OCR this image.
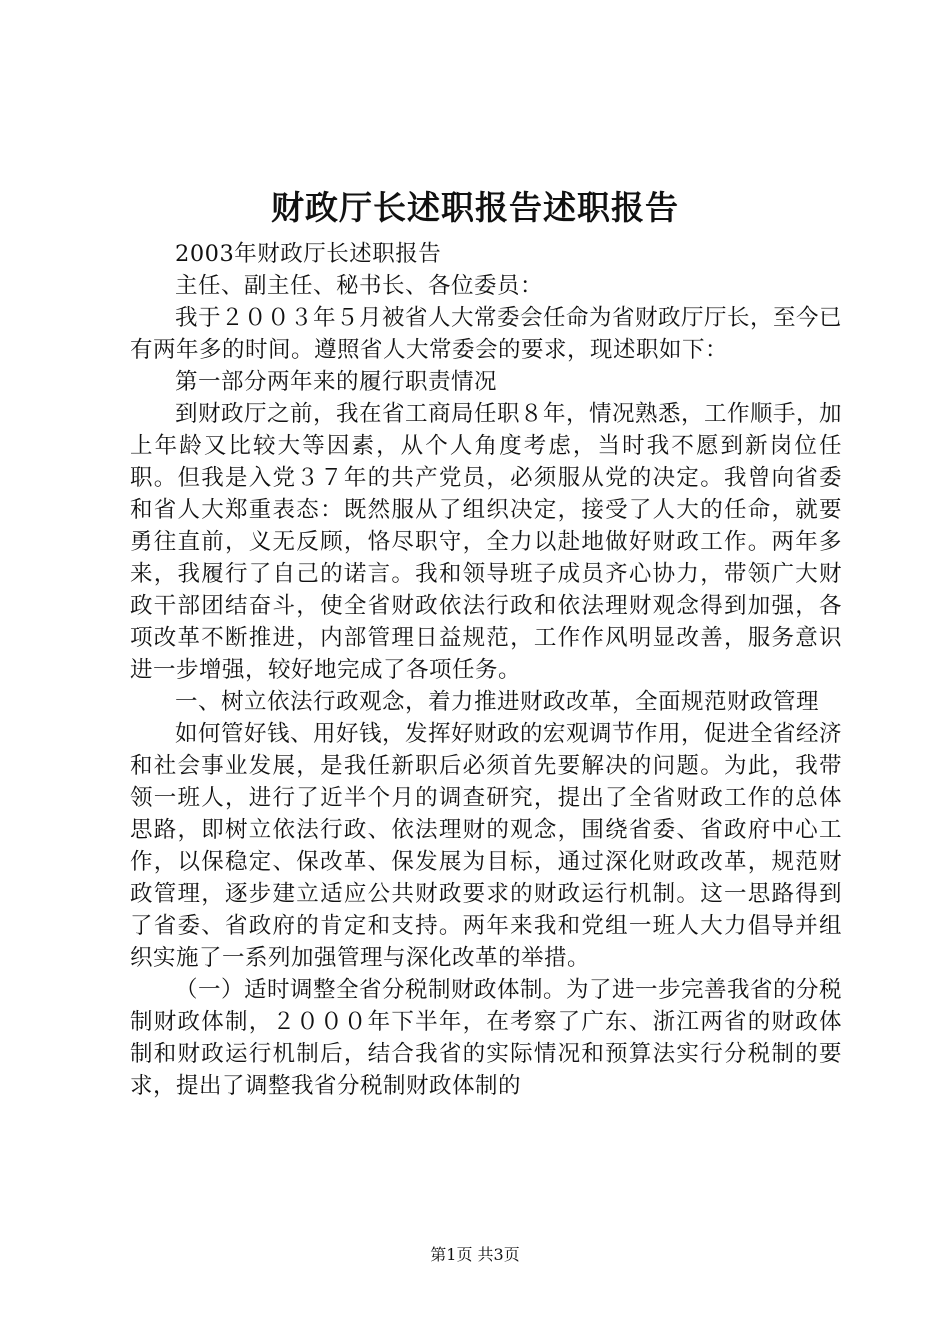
财政厅长述职报告述职报告

2003年财政厅长述职报告

主任、副主任、秘书长、各位委员：

我于２００３年５月被省人大常委会任命为省财政厅厅长，至今已有两年多的时间。遵照省人大常委会的要求，现述职如下：

第一部分两年来的履行职责情况

到财政厅之前，我在省工商局任职８年，情况熟悉，工作顺手，加上年龄又比较大等因素，从个人角度考虑，当时我不愿到新岗位任职。但我是入党３７年的共产党员，必须服从党的决定。我曾向省委和省人大郑重表态：既然服从了组织决定，接受了人大的任命，就要勇往直前，义无反顾，恪尽职守，全力以赴地做好财政工作。两年多来，我履行了自己的诺言。我和领导班子成员齐心协力，带领广大财政干部团结奋斗，使全省财政依法行政和依法理财观念得到加强，各项改革不断推进，内部管理日益规范，工作作风明显改善，服务意识进一步增强，较好地完成了各项任务。

一、树立依法行政观念，着力推进财政改革，全面规范财政管理

如何管好钱、用好钱，发挥好财政的宏观调节作用，促进全省经济和社会事业发展，是我任新职后必须首先要解决的问题。为此，我带领一班人，进行了近半个月的调查研究，提出了全省财政工作的总体思路，即树立依法行政、依法理财的观念，围绕省委、省政府中心工作，以保稳定、保改革、保发展为目标，通过深化财政改革，规范财政管理，逐步建立适应公共财政要求的财政运行机制。这一思路得到了省委、省政府的肯定和支持。两年来我和党组一班人大力倡导并组织实施了一系列加强管理与深化改革的举措。

（一）适时调整全省分税制财政体制。为了进一步完善我省的分税制财政体制，２０００年下半年，在考察了广东、浙江两省的财政体制和财政运行机制后，结合我省的实际情况和预算法实行分税制的要求，提出了调整我省分税制财政体制的

第1页 共3页
